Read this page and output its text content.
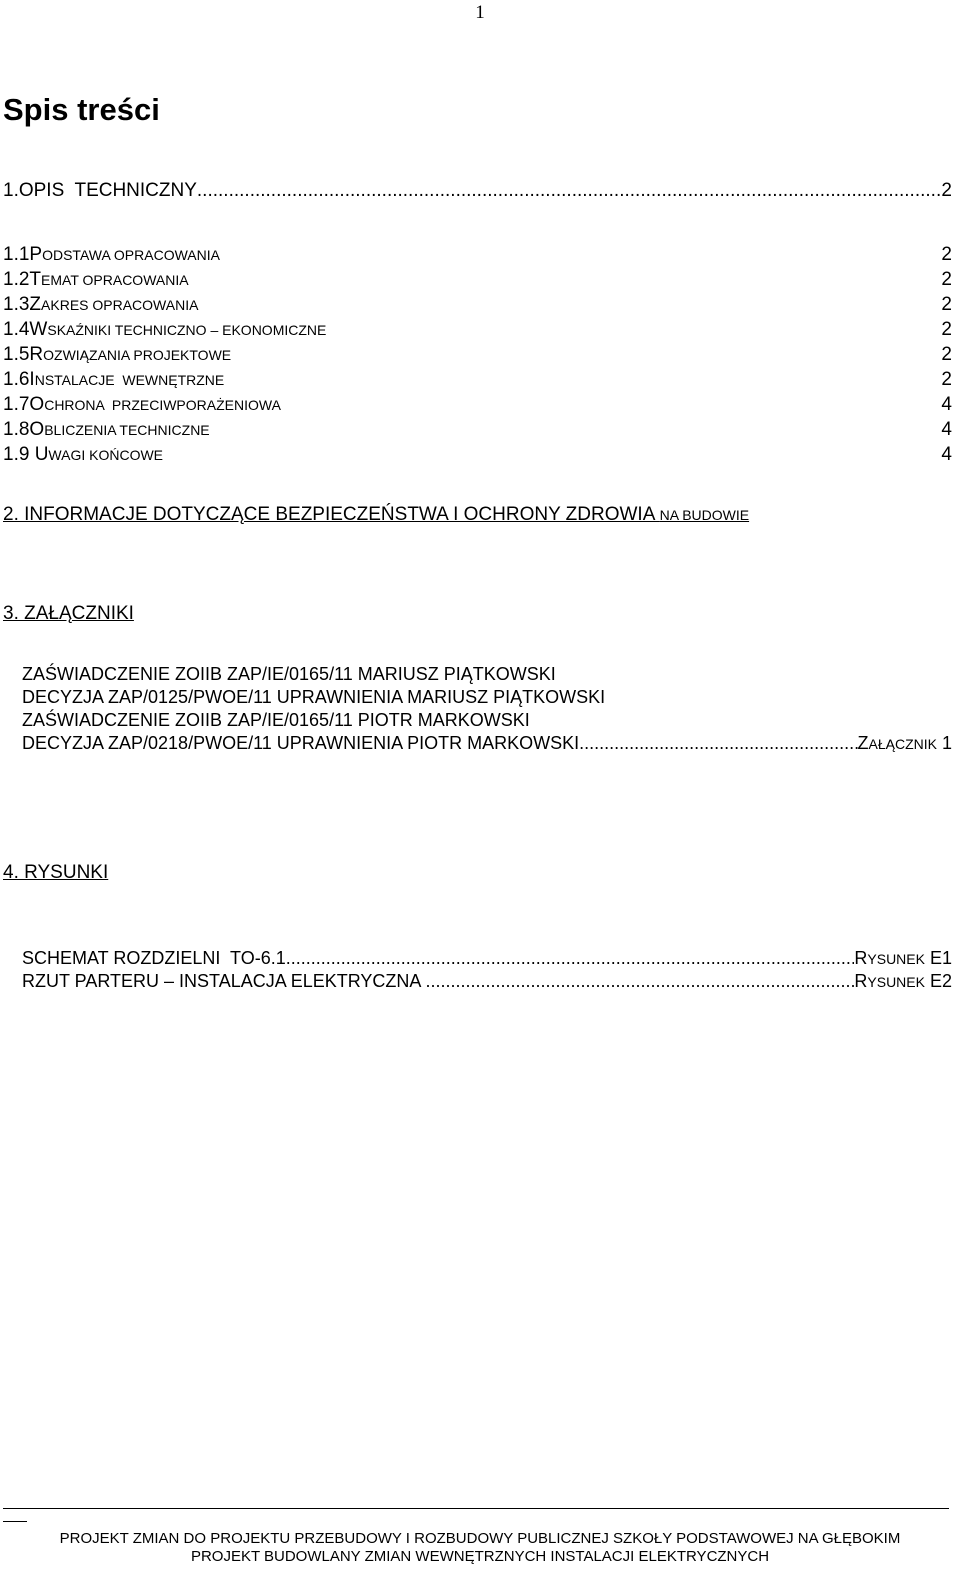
1
Spis treści
1.OPIS  TECHNICZNY .....	2
1.1PODSTAWA OPRACOWANIA	2
1.2TEMAT OPRACOWANIA	2
1.3ZAKRES OPRACOWANIA	2
1.4WSKAŹNIKI TECHNICZNO – EKONOMICZNE	2
1.5ROZWIĄZANIA PROJEKTOWE	2
1.6INSTALACJE  WEWNĘTRZNE	2
1.7OCHRONA  PRZECIWPORAŻENIOWA	4
1.8OBLICZENIA TECHNICZNE	4
1.9 UWAGI KOŃCOWE	4
2. INFORMACJE DOTYCZĄCE BEZPIECZEŃSTWA I OCHRONY ZDROWIA NA BUDOWIE
3. ZAŁĄCZNIKI
ZAŚWIADCZENIE ZOIIB ZAP/IE/0165/11 MARIUSZ PIĄTKOWSKI
DECYZJA ZAP/0125/PWOE/11 UPRAWNIENIA MARIUSZ PIĄTKOWSKI
ZAŚWIADCZENIE ZOIIB ZAP/IE/0165/11 PIOTR MARKOWSKI
DECYZJA ZAP/0218/PWOE/11 UPRAWNIENIA PIOTR MARKOWSKI .....	ZAŁĄCZNIK 1
4. RYSUNKI
SCHEMAT ROZDZIELNI  TO-6.1 .....	RYSUNEK E1
RZUT PARTERU – INSTALACJA ELEKTRYCZNA .....	RYSUNEK E2
PROJEKT ZMIAN DO PROJEKTU PRZEBUDOWY I ROZBUDOWY PUBLICZNEJ SZKOŁY PODSTAWOWEJ NA GŁĘBOKIM
PROJEKT BUDOWLANY ZMIAN WEWNĘTRZNYCH INSTALACJI ELEKTRYCZNYCH
